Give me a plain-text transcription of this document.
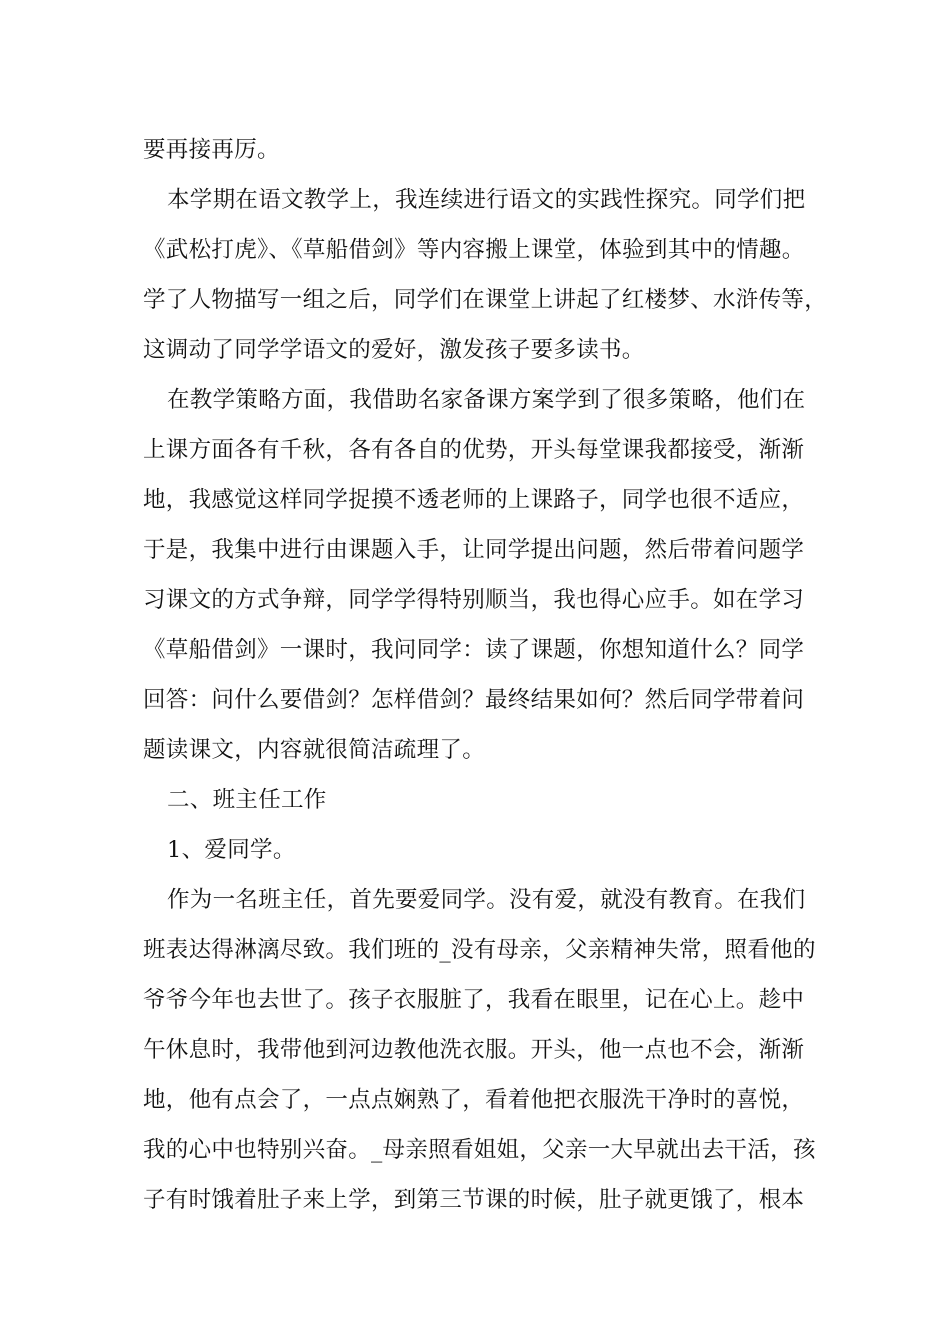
要再接再厉。
本学期在语文教学上，我连续进行语文的实践性探究。同学们把
《武松打虎》、《草船借剑》等内容搬上课堂，体验到其中的情趣。
学了人物描写一组之后，同学们在课堂上讲起了红楼梦、水浒传等，
这调动了同学学语文的爱好，激发孩子要多读书。
在教学策略方面，我借助名家备课方案学到了很多策略，他们在
上课方面各有千秋，各有各自的优势，开头每堂课我都接受，渐渐
地，我感觉这样同学捉摸不透老师的上课路子，同学也很不适应，
于是，我集中进行由课题入手，让同学提出问题，然后带着问题学
习课文的方式争辩，同学学得特别顺当，我也得心应手。如在学习
《草船借剑》一课时，我问同学：读了课题，你想知道什么？同学
回答：问什么要借剑？怎样借剑？最终结果如何？然后同学带着问
题读课文，内容就很简洁疏理了。
二、班主任工作
1、爱同学。
作为一名班主任，首先要爱同学。没有爱，就没有教育。在我们
班表达得淋漓尽致。我们班的_没有母亲，父亲精神失常，照看他的
爷爷今年也去世了。孩子衣服脏了，我看在眼里，记在心上。趁中
午休息时，我带他到河边教他洗衣服。开头，他一点也不会，渐渐
地，他有点会了，一点点娴熟了，看着他把衣服洗干净时的喜悦，
我的心中也特别兴奋。_母亲照看姐姐，父亲一大早就出去干活，孩
子有时饿着肚子来上学，到第三节课的时候，肚子就更饿了，根本
